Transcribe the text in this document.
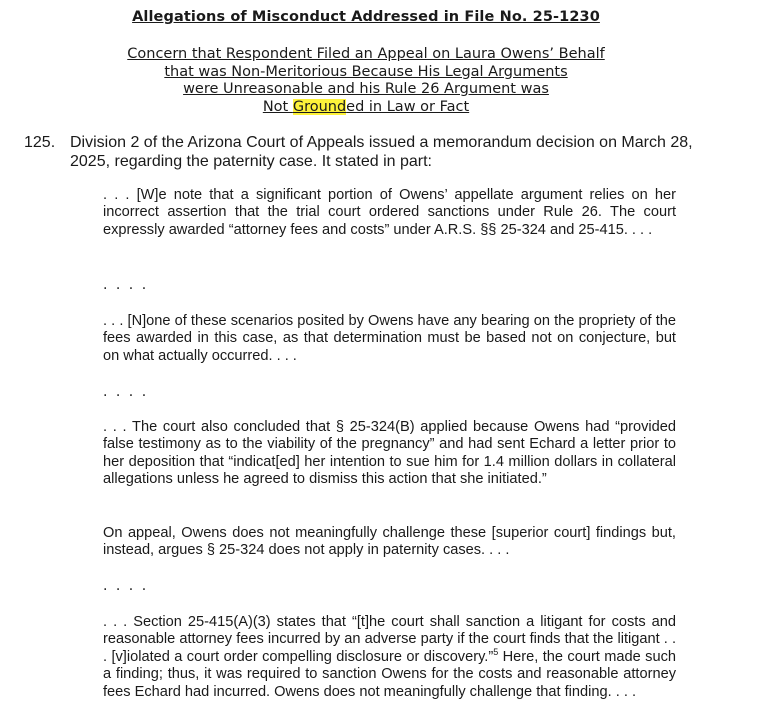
Allegations of Misconduct Addressed in File No. 25-1230
Concern that Respondent Filed an Appeal on Laura Owens’ Behalf
that was Non-Meritorious Because His Legal Arguments
were Unreasonable and his Rule 26 Argument was
Not Grounded in Law or Fact
125. Division 2 of the Arizona Court of Appeals issued a memorandum decision on March 28, 2025, regarding the paternity case. It stated in part:
. . . [W]e note that a significant portion of Owens’ appellate argument relies on her incorrect assertion that the trial court ordered sanctions under Rule 26. The court expressly awarded “attorney fees and costs” under A.R.S. §§ 25-324 and 25-415. . . .
. . . .
. . . [N]one of these scenarios posited by Owens have any bearing on the propriety of the fees awarded in this case, as that determination must be based not on conjecture, but on what actually occurred. . . .
. . . .
. . . The court also concluded that § 25-324(B) applied because Owens had “provided false testimony as to the viability of the pregnancy” and had sent Echard a letter prior to her deposition that “indicat[ed] her intention to sue him for 1.4 million dollars in collateral allegations unless he agreed to dismiss this action that she initiated.”
On appeal, Owens does not meaningfully challenge these [superior court] findings but, instead, argues § 25-324 does not apply in paternity cases. . . .
. . . .
. . . Section 25-415(A)(3) states that “[t]he court shall sanction a litigant for costs and reasonable attorney fees incurred by an adverse party if the court finds that the litigant . . . [v]iolated a court order compelling disclosure or discovery.”$^5$ Here, the court made such a finding; thus, it was required to sanction Owens for the costs and reasonable attorney fees Echard had incurred. Owens does not meaningfully challenge that finding. . . .
